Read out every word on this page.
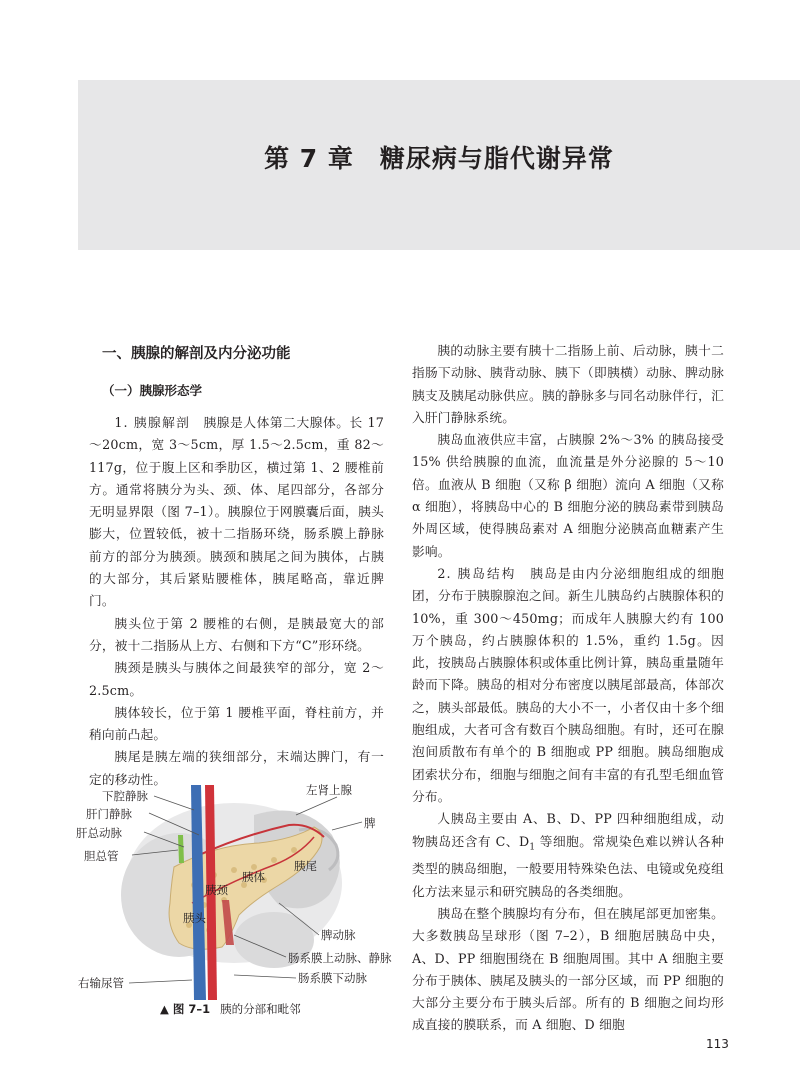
第 7 章　糖尿病与脂代谢异常
一、胰腺的解剖及内分泌功能
（一）胰腺形态学

1. 胰腺解剖　胰腺是人体第二大腺体。长 17～20cm，宽 3～5cm，厚 1.5～2.5cm，重 82～117g，位于腹上区和季肋区，横过第 1、2 腰椎前方。通常将胰分为头、颈、体、尾四部分，各部分无明显界限（图 7–1）。胰腺位于网膜囊后面，胰头膨大，位置较低，被十二指肠环绕，肠系膜上静脉前方的部分为胰颈。胰颈和胰尾之间为胰体，占胰的大部分，其后紧贴腰椎体，胰尾略高，靠近脾门。

胰头位于第 2 腰椎的右侧，是胰最宽大的部分，被十二指肠从上方、右侧和下方“C”形环绕。

胰颈是胰头与胰体之间最狭窄的部分，宽 2～2.5cm。

胰体较长，位于第 1 腰椎平面，脊柱前方，并稍向前凸起。

胰尾是胰左端的狭细部分，末端达脾门，有一定的移动性。

胰的动脉主要有胰十二指肠上前、后动脉，胰十二指肠下动脉、胰背动脉、胰下（即胰横）动脉、脾动脉胰支及胰尾动脉供应。胰的静脉多与同名动脉伴行，汇入肝门静脉系统。

胰岛血液供应丰富，占胰腺 2%～3% 的胰岛接受 15% 供给胰腺的血流，血流量是外分泌腺的 5～10 倍。血液从 B 细胞（又称 β 细胞）流向 A 细胞（又称 α 细胞），将胰岛中心的 B 细胞分泌的胰岛素带到胰岛外周区域，使得胰岛素对 A 细胞分泌胰高血糖素产生影响。

2. 胰岛结构　胰岛是由内分泌细胞组成的细胞团，分布于胰腺腺泡之间。新生儿胰岛约占胰腺体积的 10%，重 300～450mg；而成年人胰腺大约有 100 万个胰岛，约占胰腺体积的 1.5%，重约 1.5g。因此，按胰岛占胰腺体积或体重比例计算，胰岛重量随年龄而下降。胰岛的相对分布密度以胰尾部最高，体部次之，胰头部最低。胰岛的大小不一，小者仅由十多个细胞组成，大者可含有数百个胰岛细胞。有时，还可在腺泡间质散布有单个的 B 细胞或 PP 细胞。胰岛细胞成团索状分布，细胞与细胞之间有丰富的有孔型毛细血管分布。

人胰岛主要由 A、B、D、PP 四种细胞组成，动物胰岛还含有 C、$D_1$ 等细胞。常规染色难以辨认各种类型的胰岛细胞，一般要用特殊染色法、电镜或免疫组化方法来显示和研究胰岛的各类细胞。

胰岛在整个胰腺均有分布，但在胰尾部更加密集。大多数胰岛呈球形（图 7–2），B 细胞居胰岛中央，A、D、PP 细胞围绕在 B 细胞周围。其中 A 细胞主要分布于胰体、胰尾及胰头的一部分区域，而 PP 细胞的大部分主要分布于胰头后部。所有的 B 细胞之间均形成直接的膜联系，而 A 细胞、D 细胞

下腔静脉
肝门静脉
肝总动脉
胆总管
左肾上腺
脾
胰尾
胰体
胰颈
胰头
脾动脉
肠系膜上动脉、静脉
右输尿管	肠系膜下动脉
▲ 图 7–1 胰的分部和毗邻
113
